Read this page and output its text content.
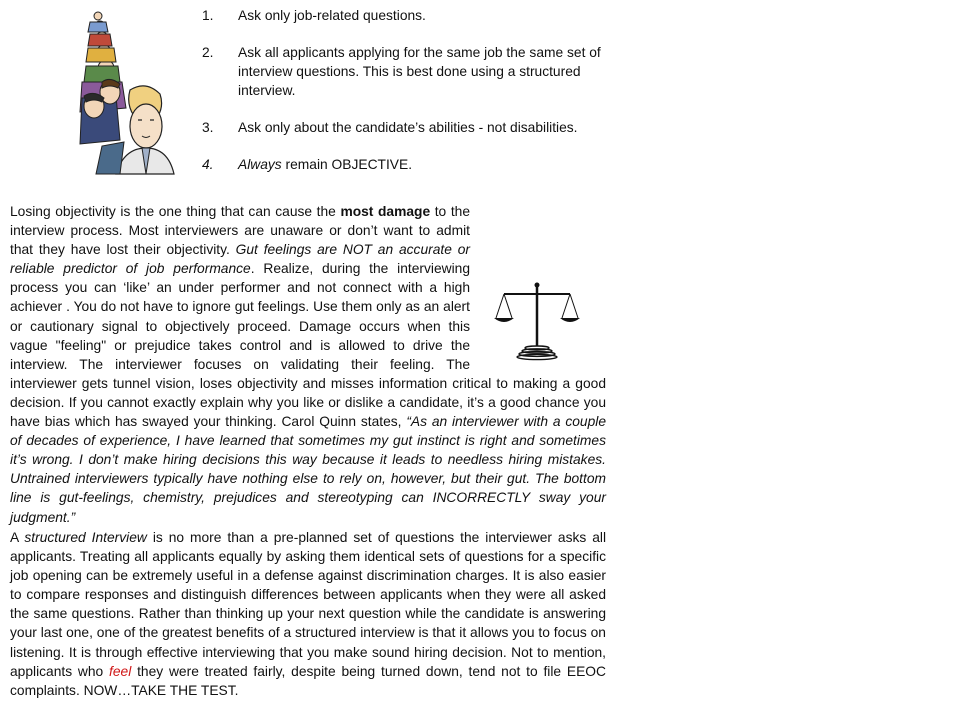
1. Ask only job-related questions.
2. Ask all applicants applying for the same job the same set of interview questions. This is best done using a structured interview.
3. Ask only about the candidate’s abilities - not disabilities.
4. Always remain OBJECTIVE.

Losing objectivity is the one thing that can cause the most damage to the interview process. Most interviewers are unaware or don’t want to admit that they have lost their objectivity. Gut feelings are NOT an accurate or reliable predictor of job performance. Realize, during the interviewing process you can ‘like’ an under performer and not connect with a high achiever . You do not have to ignore gut feelings. Use them only as an alert or cautionary signal to objectively proceed. Damage occurs when this vague "feeling" or prejudice takes control and is allowed to drive the interview. The interviewer focuses on validating their feeling. The interviewer gets tunnel vision, loses objectivity and misses information critical to making a good decision. If you cannot exactly explain why you like or dislike a candidate, it’s a good chance you have bias which has swayed your thinking. Carol Quinn states, “As an interviewer with a couple of decades of experience, I have learned that sometimes my gut instinct is right and sometimes it’s wrong. I don’t make hiring decisions this way because it leads to needless hiring mistakes. Untrained interviewers typically have nothing else to rely on, however, but their gut. The bottom line is gut-feelings, chemistry, prejudices and stereotyping can INCORRECTLY sway your judgment.”

A structured Interview is no more than a pre-planned set of questions the interviewer asks all applicants. Treating all applicants equally by asking them identical sets of questions for a specific job opening can be extremely useful in a defense against discrimination charges. It is also easier to compare responses and distinguish differences between applicants when they were all asked the same questions. Rather than thinking up your next question while the candidate is answering your last one, one of the greatest benefits of a structured interview is that it allows you to focus on listening. It is through effective interviewing that you make sound hiring decision. Not to mention, applicants who feel they were treated fairly, despite being turned down, tend not to file EEOC complaints. NOW…TAKE THE TEST.
